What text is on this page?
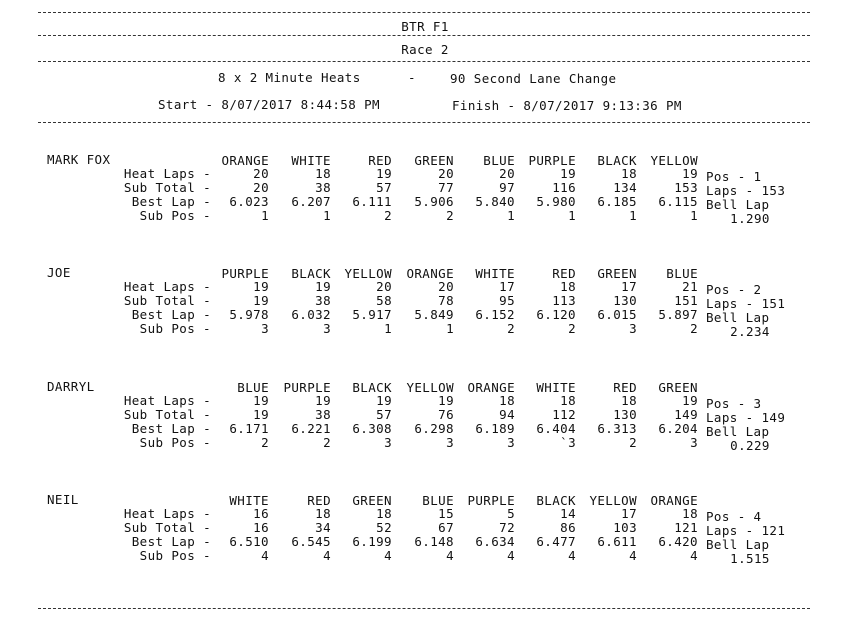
BTR F1
Race 2
8 x 2 Minute Heats	-	90 Second Lane Change
Start - 8/07/2017 8:44:58 PM	Finish - 8/07/2017 9:13:36 PM
MARK FOX	ORANGE	WHITE	RED	GREEN	BLUE	PURPLE	BLACK	YELLOW
Heat Laps -	20	18	19	20	20	19	18	19
Sub Total -	20	38	57	77	97	116	134	153
Best Lap -	6.023	6.207	6.111	5.906	5.840	5.980	6.185	6.115
Sub Pos -	1	1	2	2	1	1	1	1
Pos - 1
Laps - 153
Bell Lap
1.290
JOE	PURPLE	BLACK	YELLOW	ORANGE	WHITE	RED	GREEN	BLUE
Heat Laps -	19	19	20	20	17	18	17	21
Sub Total -	19	38	58	78	95	113	130	151
Best Lap -	5.978	6.032	5.917	5.849	6.152	6.120	6.015	5.897
Sub Pos -	3	3	1	1	2	2	3	2
Pos - 2
Laps - 151
Bell Lap
2.234
DARRYL	BLUE	PURPLE	BLACK	YELLOW	ORANGE	WHITE	RED	GREEN
Heat Laps -	19	19	19	19	18	18	18	19
Sub Total -	19	38	57	76	94	112	130	149
Best Lap -	6.171	6.221	6.308	6.298	6.189	6.404	6.313	6.204
Sub Pos -	2	2	3	3	3	`3	2	3
Pos - 3
Laps - 149
Bell Lap
0.229
NEIL	WHITE	RED	GREEN	BLUE	PURPLE	BLACK	YELLOW	ORANGE
Heat Laps -	16	18	18	15	5	14	17	18
Sub Total -	16	34	52	67	72	86	103	121
Best Lap -	6.510	6.545	6.199	6.148	6.634	6.477	6.611	6.420
Sub Pos -	4	4	4	4	4	4	4	4
Pos - 4
Laps - 121
Bell Lap
1.515
